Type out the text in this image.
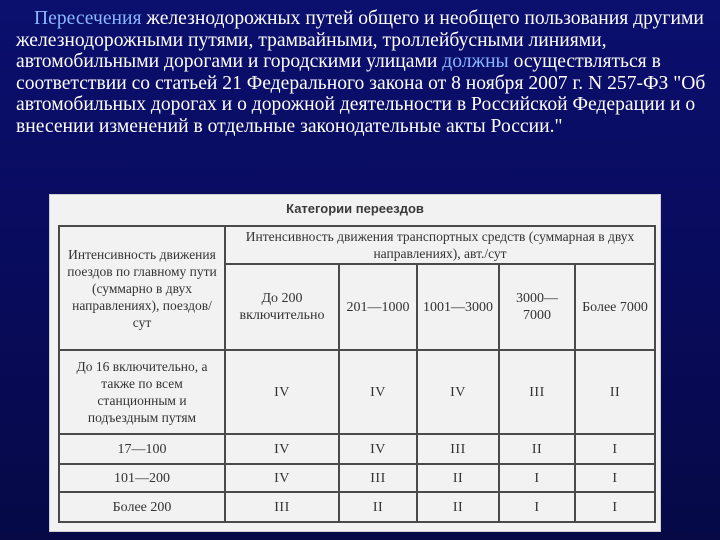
Пересечения железнодорожных путей общего и необщего пользования другими железнодорожными путями, трамвайными, троллейбусными линиями, автомобильными дорогами и городскими улицами должны осуществляться в соответствии со статьей 21 Федерального закона от 8 ноября 2007 г. N 257-ФЗ "Об автомобильных дорогах и о дорожной деятельности в Российской Федерации и о внесении изменений в отдельные законодательные акты России."
Категории переездов
Интенсивность движения поездов по главному пути (суммарно в двух направлениях), поездов/сут	Интенсивность движения транспортных средств (суммарная в двух направлениях), авт./сут				
	До 200 включительно	201—1000	1001—3000	3000—7000	Более 7000
До 16 включительно, а также по всем станционным и подъездным путям	IV	IV	IV	III	II
17—100	IV	IV	III	II	I
101—200	IV	III	II	I	I
Более 200	III	II	II	I	I
